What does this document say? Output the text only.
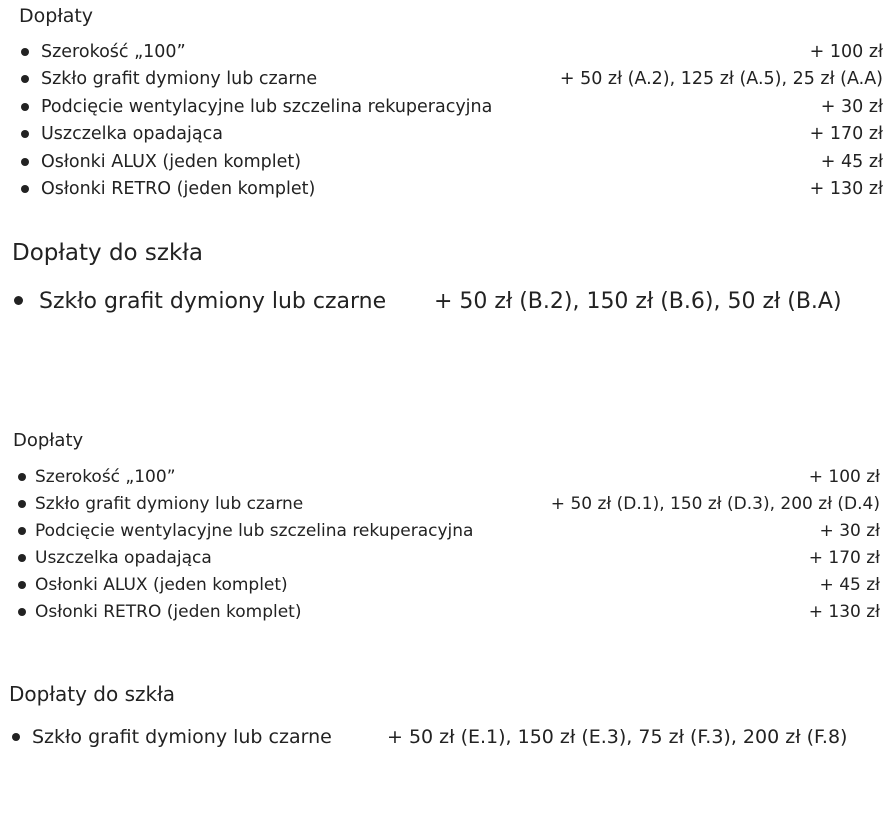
Dopłaty
Szerokość „100”	+ 100 zł
Szkło grafit dymiony lub czarne	+ 50 zł (A.2), 125 zł (A.5), 25 zł (A.A)
Podcięcie wentylacyjne lub szczelina rekuperacyjna	+ 30 zł
Uszczelka opadająca	+ 170 zł
Osłonki ALUX (jeden komplet)	+ 45 zł
Osłonki RETRO (jeden komplet)	+ 130 zł
Dopłaty do szkła
Szkło grafit dymiony lub czarne + 50 zł (B.2), 150 zł (B.6), 50 zł (B.A)
Dopłaty
Szerokość „100”	+ 100 zł
Szkło grafit dymiony lub czarne	+ 50 zł (D.1), 150 zł (D.3), 200 zł (D.4)
Podcięcie wentylacyjne lub szczelina rekuperacyjna	+ 30 zł
Uszczelka opadająca	+ 170 zł
Osłonki ALUX (jeden komplet)	+ 45 zł
Osłonki RETRO (jeden komplet)	+ 130 zł
Dopłaty do szkła
Szkło grafit dymiony lub czarne	+ 50 zł (E.1), 150 zł (E.3), 75 zł (F.3), 200 zł (F.8)
